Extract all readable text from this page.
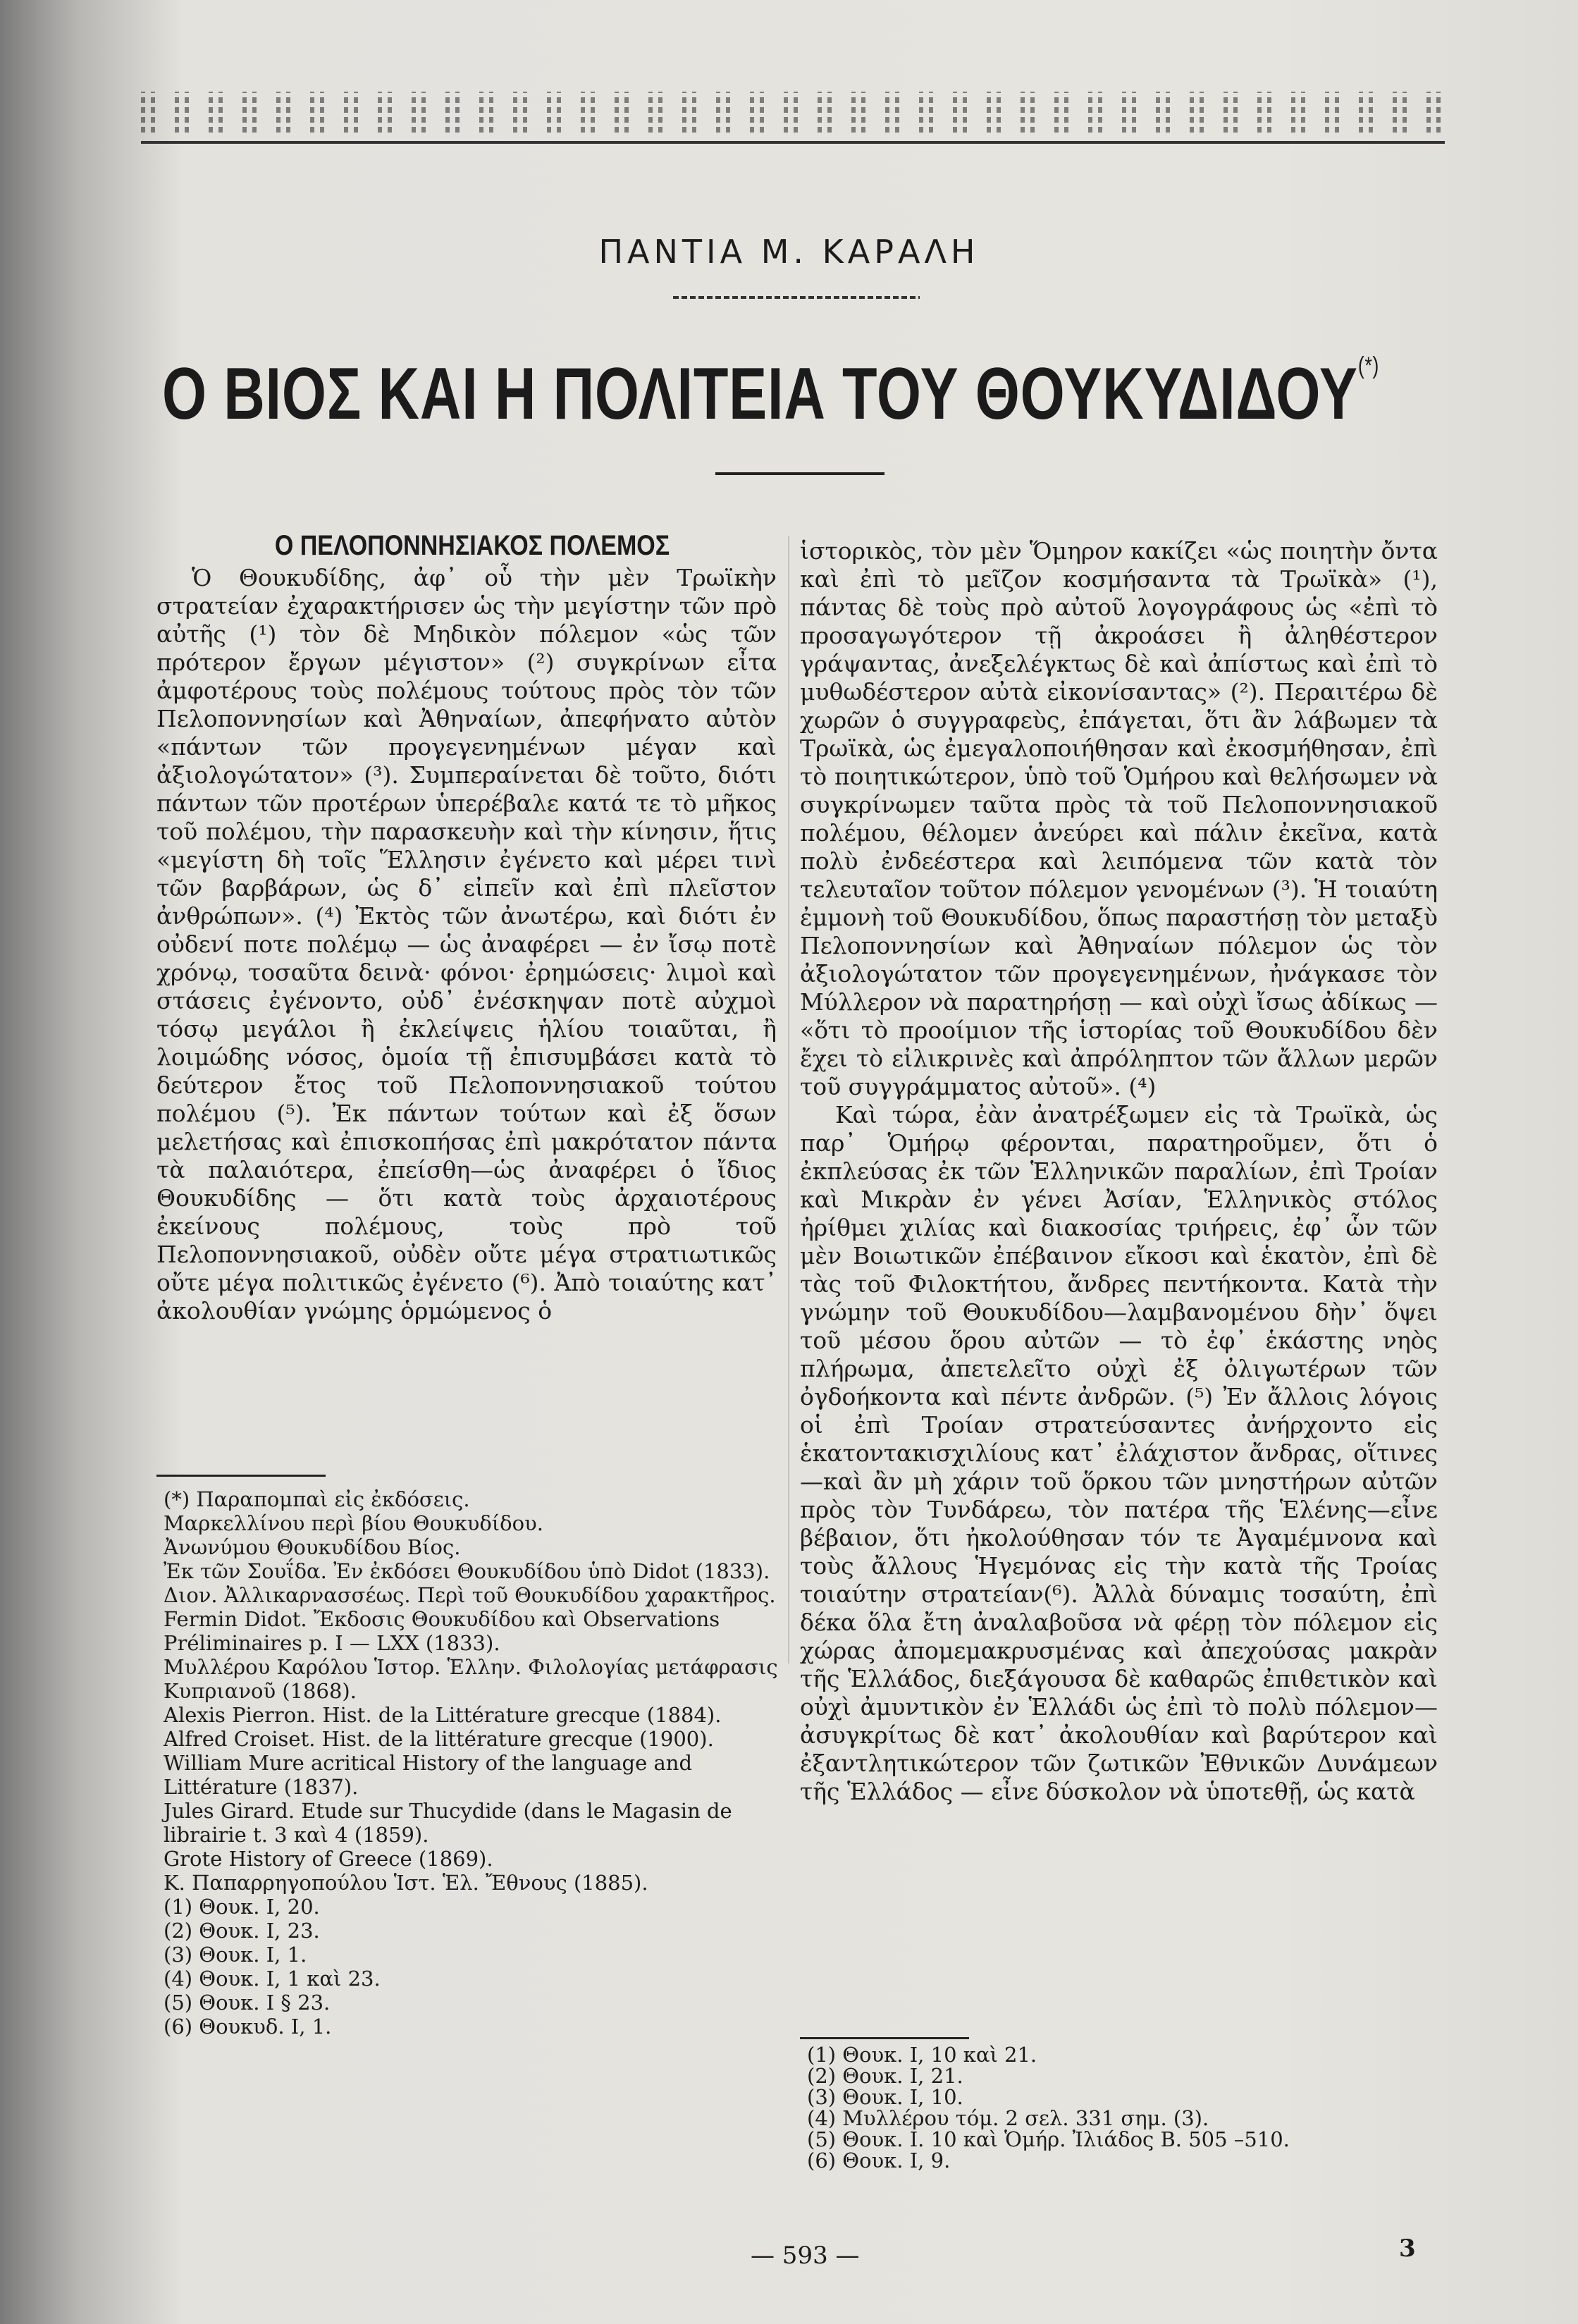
ΠΑΝΤΙΑ Μ. ΚΑΡΑΛΗ
Ο ΒΙΟΣ ΚΑΙ Η ΠΟΛΙΤΕΙΑ ΤΟΥ ΘΟΥΚΥΔΙΔΟΥ(*)
Ο ΠΕΛΟΠΟΝΝΗΣΙΑΚΟΣ ΠΟΛΕΜΟΣ

Ὁ Θουκυδίδης, ἀφ᾽ οὗ τὴν μὲν Τρωϊκὴν στρατείαν ἐχαρακτήρισεν ὡς τὴν μεγίστην τῶν πρὸ αὐτῆς (¹) τὸν δὲ Μηδικὸν πόλεμον «ὡς τῶν πρότερον ἔργων μέγιστον» (²) συγκρίνων εἶτα ἀμφοτέρους τοὺς πολέμους τούτους πρὸς τὸν τῶν Πελοποννησίων καὶ Ἀθηναίων, ἀπεφήνατο αὐτὸν «πάντων τῶν προγεγενημένων μέγαν καὶ ἀξιολογώτατον» (³). Συμπεραίνεται δὲ τοῦτο, διότι πάντων τῶν προτέρων ὑπερέβαλε κατά τε τὸ μῆκος τοῦ πολέμου, τὴν παρασκευὴν καὶ τὴν κίνησιν, ἥτις «μεγίστη δὴ τοῖς Ἕλλησιν ἐγένετο καὶ μέρει τινὶ τῶν βαρβάρων, ὡς δ᾽ εἰπεῖν καὶ ἐπὶ πλεῖστον ἀνθρώπων». (⁴) Ἐκτὸς τῶν ἀνωτέρω, καὶ διότι ἐν οὐδενί ποτε πολέμῳ — ὡς ἀναφέρει — ἐν ἴσῳ ποτὲ χρόνῳ, τοσαῦτα δεινὰ· φόνοι· ἐρημώσεις· λιμοὶ καὶ στάσεις ἐγένοντο, οὐδ᾽ ἐνέσκηψαν ποτὲ αὐχμοὶ τόσῳ μεγάλοι ἢ ἐκλείψεις ἡλίου τοιαῦται, ἢ λοιμώδης νόσος, ὁμοία τῇ ἐπισυμβάσει κατὰ τὸ δεύτερον ἔτος τοῦ Πελοποννησιακοῦ τούτου πολέμου (⁵). Ἐκ πάντων τούτων καὶ ἐξ ὅσων μελετήσας καὶ ἐπισκοπήσας ἐπὶ μακρότατον πάντα τὰ παλαιότερα, ἐπείσθη—ὡς ἀναφέρει ὁ ἴδιος Θουκυδίδης — ὅτι κατὰ τοὺς ἀρχαιοτέρους ἐκείνους πολέμους, τοὺς πρὸ τοῦ Πελοποννησιακοῦ, οὐδὲν οὔτε μέγα στρατιωτικῶς οὔτε μέγα πολιτικῶς ἐγένετο (⁶). Ἀπὸ τοιαύτης κατ᾽ ἀκολουθίαν γνώμης ὁρμώμενος ὁ

ἱστορικὸς, τὸν μὲν Ὅμηρον κακίζει «ὡς ποιητὴν ὄντα καὶ ἐπὶ τὸ μεῖζον κοσμήσαντα τὰ Τρωϊκὰ» (¹), πάντας δὲ τοὺς πρὸ αὐτοῦ λογογράφους ὡς «ἐπὶ τὸ προσαγωγότερον τῇ ἀκροάσει ἢ ἀληθέστερον γράψαντας, ἀνεξελέγκτως δὲ καὶ ἀπίστως καὶ ἐπὶ τὸ μυθωδέστερον αὐτὰ εἰκονίσαντας» (²). Περαιτέρω δὲ χωρῶν ὁ συγγραφεὺς, ἐπάγεται, ὅτι ἂν λάβωμεν τὰ Τρωϊκὰ, ὡς ἐμεγαλοποιήθησαν καὶ ἐκοσμήθησαν, ἐπὶ τὸ ποιητικώτερον, ὑπὸ τοῦ Ὁμήρου καὶ θελήσωμεν νὰ συγκρίνωμεν ταῦτα πρὸς τὰ τοῦ Πελοποννησιακοῦ πολέμου, θέλομεν ἀνεύρει καὶ πάλιν ἐκεῖνα, κατὰ πολὺ ἐνδεέστερα καὶ λειπόμενα τῶν κατὰ τὸν τελευταῖον τοῦτον πόλεμον γενομένων (³). Ἡ τοιαύτη ἐμμονὴ τοῦ Θουκυδίδου, ὅπως παραστήσῃ τὸν μεταξὺ Πελοποννησίων καὶ Ἀθηναίων πόλεμον ὡς τὸν ἀξιολογώτατον τῶν προγεγενημένων, ἠνάγκασε τὸν Μύλλερον νὰ παρατηρήσῃ — καὶ οὐχὶ ἴσως ἀδίκως — «ὅτι τὸ προοίμιον τῆς ἱστορίας τοῦ Θουκυδίδου δὲν ἔχει τὸ εἰλικρινὲς καὶ ἀπρόληπτον τῶν ἄλλων μερῶν τοῦ συγγράμματος αὐτοῦ». (⁴)

Καὶ τώρα, ἐὰν ἀνατρέξωμεν εἰς τὰ Τρωϊκὰ, ὡς παρ᾽ Ὁμήρῳ φέρονται, παρατηροῦμεν, ὅτι ὁ ἐκπλεύσας ἐκ τῶν Ἑλληνικῶν παραλίων, ἐπὶ Τροίαν καὶ Μικρὰν ἐν γένει Ἀσίαν, Ἑλληνικὸς στόλος ἠρίθμει χιλίας καὶ διακοσίας τριήρεις, ἐφ᾽ ὧν τῶν μὲν Βοιωτικῶν ἐπέβαινον εἴκοσι καὶ ἑκατὸν, ἐπὶ δὲ τὰς τοῦ Φιλοκτήτου, ἄνδρες πεντήκοντα. Κατὰ τὴν γνώμην τοῦ Θουκυδίδου—λαμβανομένου δὴν᾽ ὅψει τοῦ μέσου ὅρου αὐτῶν — τὸ ἐφ᾽ ἑκάστης νηὸς πλήρωμα, ἀπετελεῖτο οὐχὶ ἐξ ὀλιγωτέρων τῶν ὀγδοήκοντα καὶ πέντε ἀνδρῶν. (⁵) Ἐν ἄλλοις λόγοις οἱ ἐπὶ Τροίαν στρατεύσαντες ἀνήρχοντο εἰς ἑκατοντακισχιλίους κατ᾽ ἐλάχιστον ἄνδρας, οἵτινες—καὶ ἂν μὴ χάριν τοῦ ὅρκου τῶν μνηστήρων αὐτῶν πρὸς τὸν Τυνδάρεω, τὸν πατέρα τῆς Ἑλένης—εἶνε βέβαιον, ὅτι ἠκολούθησαν τόν τε Ἀγαμέμνονα καὶ τοὺς ἄλλους Ἡγεμόνας εἰς τὴν κατὰ τῆς Τροίας τοιαύτην στρατείαν(⁶). Ἀλλὰ δύναμις τοσαύτη, ἐπὶ δέκα ὅλα ἔτη ἀναλαβοῦσα νὰ φέρῃ τὸν πόλεμον εἰς χώρας ἀπομεμακρυσμένας καὶ ἀπεχούσας μακρὰν τῆς Ἑλλάδος, διεξάγουσα δὲ καθαρῶς ἐπιθετικὸν καὶ οὐχὶ ἀμυντικὸν ἐν Ἑλλάδι ὡς ἐπὶ τὸ πολὺ πόλεμον—ἀσυγκρίτως δὲ κατ᾽ ἀκολουθίαν καὶ βαρύτερον καὶ ἐξαντλητικώτερον τῶν ζωτικῶν Ἐθνικῶν Δυνάμεων τῆς Ἑλλάδος — εἶνε δύσκολον νὰ ὑποτεθῇ, ὡς κατὰ

(*) Παραπομπαὶ εἰς ἐκδόσεις.
Μαρκελλίνου περὶ βίου Θουκυδίδου.
Ἀνωνύμου Θουκυδίδου Βίος.
Ἐκ τῶν Σουΐδα. Ἐν ἐκδόσει Θουκυδίδου ὑπὸ Didot (1833).
Διον. Ἀλλικαρνασσέως. Περὶ τοῦ Θουκυδίδου χαρακτῆρος.
Fermin Didot. Ἔκδοσις Θουκυδίδου καὶ Observations Préliminaires p. I — LXX (1833).
Μυλλέρου Καρόλου Ἱστορ. Ἑλλην. Φιλολογίας μετάφρασις Κυπριανοῦ (1868).
Alexis Pierron. Hist. de la Littérature grecque (1884).
Alfred Croiset. Hist. de la littérature grecque (1900).
William Mure acritical History of the language and Littérature (1837).
Jules Girard. Etude sur Thucydide (dans le Magasin de librairie t. 3 καὶ 4 (1859).
Grote History of Greece (1869).
Κ. Παπαρρηγοπούλου Ἱστ. Ἑλ. Ἔθνους (1885).
(1) Θουκ. I, 20.
(2) Θουκ. I, 23.
(3) Θουκ. I, 1.
(4) Θουκ. I, 1 καὶ 23.
(5) Θουκ. I § 23.
(6) Θουκυδ. I, 1.
(1) Θουκ. I, 10 καὶ 21.
(2) Θουκ. I, 21.
(3) Θουκ. I, 10.
(4) Μυλλέρου τόμ. 2 σελ. 331 σημ. (3).
(5) Θουκ. I. 10 καὶ Ὁμήρ. Ἰλιάδος Β. 505 –510.
(6) Θουκ. I, 9.
— 593 —	3
